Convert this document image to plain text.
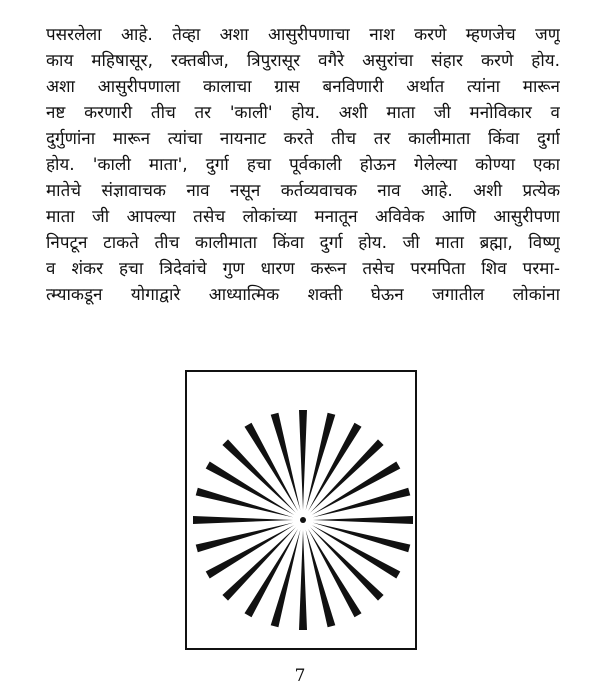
पसरलेला आहे. तेव्हा अशा आसुरीपणाचा नाश करणे म्हणजेच जणू
काय महिषासूर, रक्तबीज, त्रिपुरासूर वगैरे असुरांचा संहार करणे होय.
अशा आसुरीपणाला कालाचा ग्रास बनविणारी अर्थात त्यांना मारून
नष्ट करणारी तीच तर 'काली' होय. अशी माता जी मनोविकार व
दुर्गुणांना मारून त्यांचा नायनाट करते तीच तर कालीमाता किंवा दुर्गा
होय. 'काली माता', दुर्गा हचा पूर्वकाली होऊन गेलेल्या कोण्या एका
मातेचे संज्ञावाचक नाव नसून कर्तव्यवाचक नाव आहे. अशी प्रत्येक
माता जी आपल्या तसेच लोकांच्या मनातून अविवेक आणि आसुरीपणा
निपटून टाकते तीच कालीमाता किंवा दुर्गा होय. जी माता ब्रह्मा, विष्णू
व शंकर हचा त्रिदेवांचे गुण धारण करून तसेच परमपिता शिव परमा-
त्म्याकडून योगाद्वारे आध्यात्मिक शक्ती घेऊन जगातील लोकांना
7
